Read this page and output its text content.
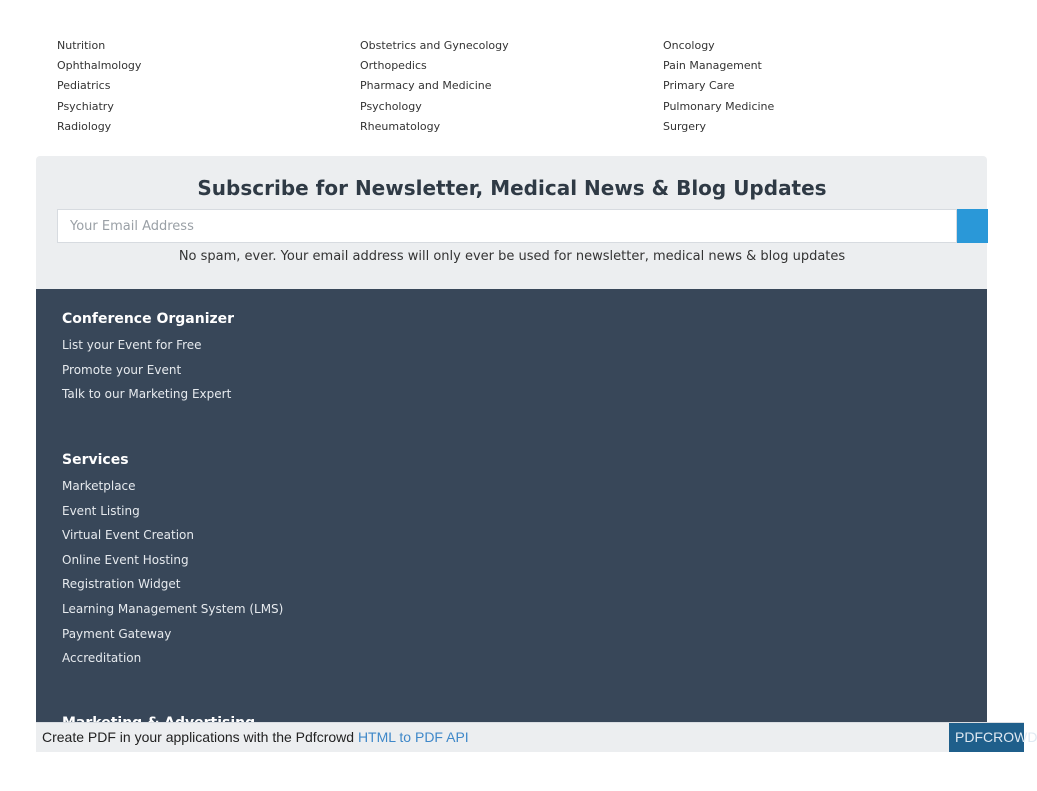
Nutrition	Obstetrics and Gynecology	Oncology
Ophthalmology	Orthopedics	Pain Management
Pediatrics	Pharmacy and Medicine	Primary Care
Psychiatry	Psychology	Pulmonary Medicine
Radiology	Rheumatology	Surgery
Subscribe for Newsletter, Medical News & Blog Updates
Your Email Address

No spam, ever. Your email address will only ever be used for newsletter, medical news & blog updates

Conference Organizer
List your Event for Free
Promote your Event
Talk to our Marketing Expert
Services
Marketplace
Event Listing
Virtual Event Creation
Online Event Hosting
Registration Widget
Learning Management System (LMS)
Payment Gateway
Accreditation
Create PDF in your applications with the Pdfcrowd HTML to PDF API	PDFCROWD
